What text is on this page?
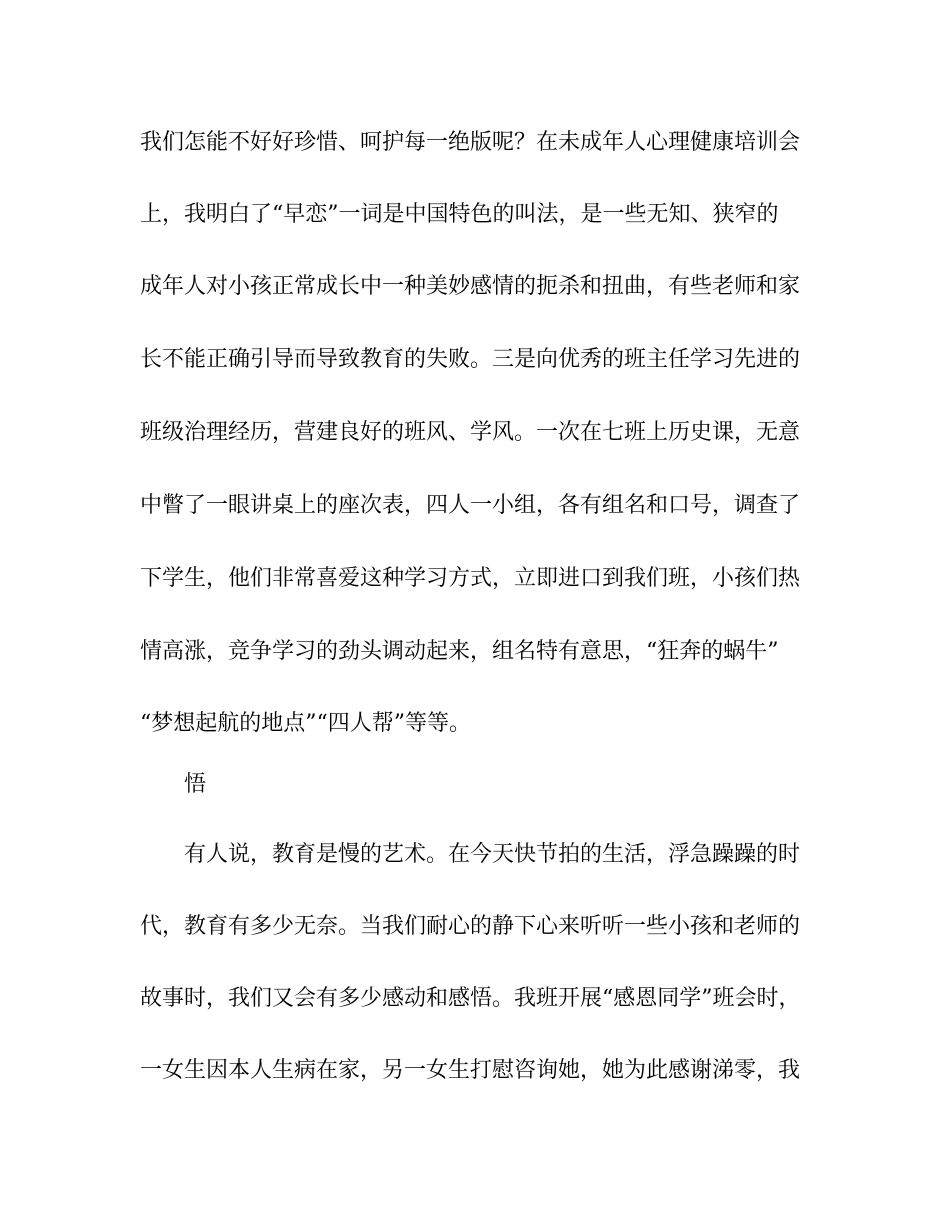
我们怎能不好好珍惜、呵护每一绝版呢？在未成年人心理健康培训会
上，我明白了“早恋”一词是中国特色的叫法，是一些无知、狭窄的
成年人对小孩正常成长中一种美妙感情的扼杀和扭曲，有些老师和家
长不能正确引导而导致教育的失败。三是向优秀的班主任学习先进的
班级治理经历，营建良好的班风、学风。一次在七班上历史课，无意
中瞥了一眼讲桌上的座次表，四人一小组，各有组名和口号，调查了
下学生，他们非常喜爱这种学习方式，立即进口到我们班，小孩们热
情高涨，竞争学习的劲头调动起来，组名特有意思，“狂奔的蜗牛”
“梦想起航的地点”“四人帮”等等。
悟
有人说，教育是慢的艺术。在今天快节拍的生活，浮急躁躁的时
代，教育有多少无奈。当我们耐心的静下心来听听一些小孩和老师的
故事时，我们又会有多少感动和感悟。我班开展“感恩同学”班会时，
一女生因本人生病在家，另一女生打慰咨询她，她为此感谢涕零，我
